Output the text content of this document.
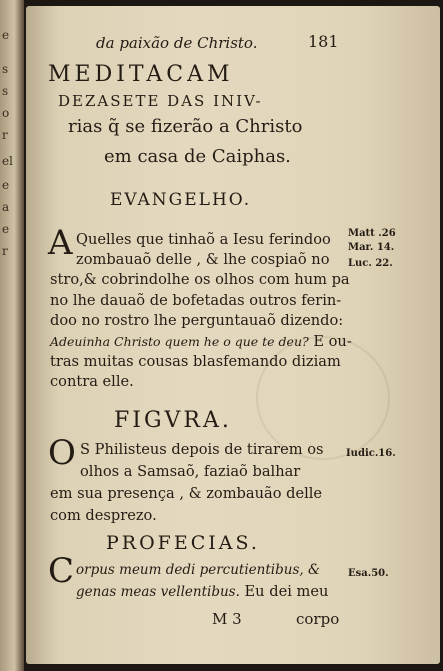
e
s
s
o
r
el
e
a
e
r
da paixão de Christo.	181
MEDITACAM
DEZASETE DAS INIV-
rias q̃ se fizerão a Christo
em casa de Caiphas.
EVANGELHO.
A Quelles que tinhaõ a Iesu ferindoo
zombauaõ delle , & lhe cospiaõ no
stro,& cobrindolhe os olhos com hum pa
no lhe dauaõ de bofetadas outros ferin-
doo no rostro lhe perguntauaõ dizendo:
Adeuinha Christo quem he o que te deu? E ou-
tras muitas cousas blasfemando diziam
contra elle.
Matt .26
Mar. 14.
Luc. 22.
FIGVRA.
O S Philisteus depois de tirarem os
olhos a Samsaõ, faziaõ balhar
em sua presença , & zombauão delle
com desprezo.
Iudic.16.
PROFECIAS.
C orpus meum dedi percutientibus, &
genas meas vellentibus. Eu dei meu
Esa.50.
M 3	corpo
